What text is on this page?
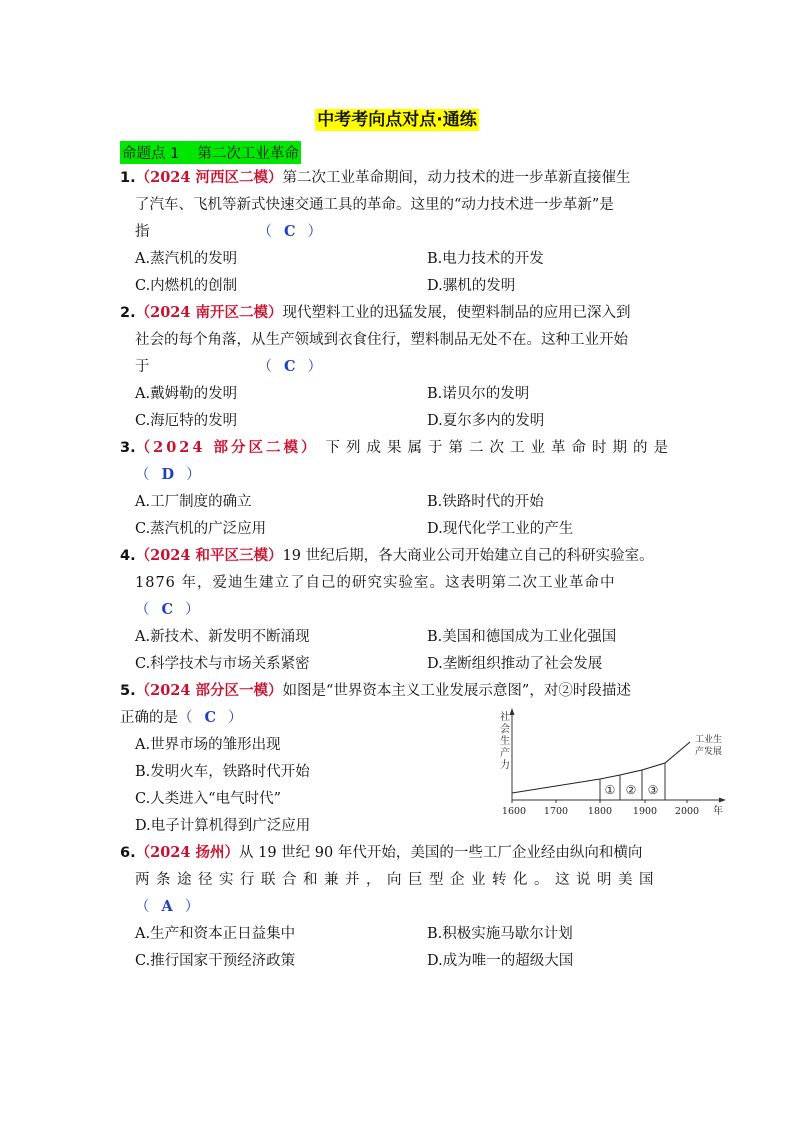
中考考向点对点·通练
命题点 1 第二次工业革命
1.（2024 河西区二模）第二次工业革命期间，动力技术的进一步革新直接催生
了汽车、飞机等新式快速交通工具的革命。这里的“动力技术进一步革新”是
指	（ C ）
A.蒸汽机的发明	B.电力技术的开发
C.内燃机的创制	D.骡机的发明
2.（2024 南开区二模）现代塑料工业的迅猛发展，使塑料制品的应用已深入到
社会的每个角落，从生产领域到衣食住行，塑料制品无处不在。这种工业开始
于	（ C ）
A.戴姆勒的发明	B.诺贝尔的发明
C.海厄特的发明	D.夏尔多内的发明
3.（2024 部分区二模） 下列成果属于第二次工业革命时期的是
（ D ）
A.工厂制度的确立	B.铁路时代的开始
C.蒸汽机的广泛应用	D.现代化学工业的产生
4.（2024 和平区三模）19 世纪后期，各大商业公司开始建立自己的科研实验室。
1876 年，爱迪生建立了自己的研究实验室。这表明第二次工业革命中
（ C ）
A.新技术、新发明不断涌现	B.美国和德国成为工业化强国
C.科学技术与市场关系紧密	D.垄断组织推动了社会发展
5.（2024 部分区一模）如图是“世界资本主义工业发展示意图”，对②时段描述
正确的是（ C ）
A.世界市场的雏形出现
B.发明火车，铁路时代开始
C.人类进入“电气时代”
D.电子计算机得到广泛应用
社
会
生
产
力
1600 1700 1800 1900 2000 年
① ② ③
工业生
产发展
6.（2024 扬州）从 19 世纪 90 年代开始，美国的一些工厂企业经由纵向和横向
两条途径实行联合和兼并，向巨型企业转化。这说明美国
（ A ）
A.生产和资本正日益集中	B.积极实施马歇尔计划
C.推行国家干预经济政策	D.成为唯一的超级大国
